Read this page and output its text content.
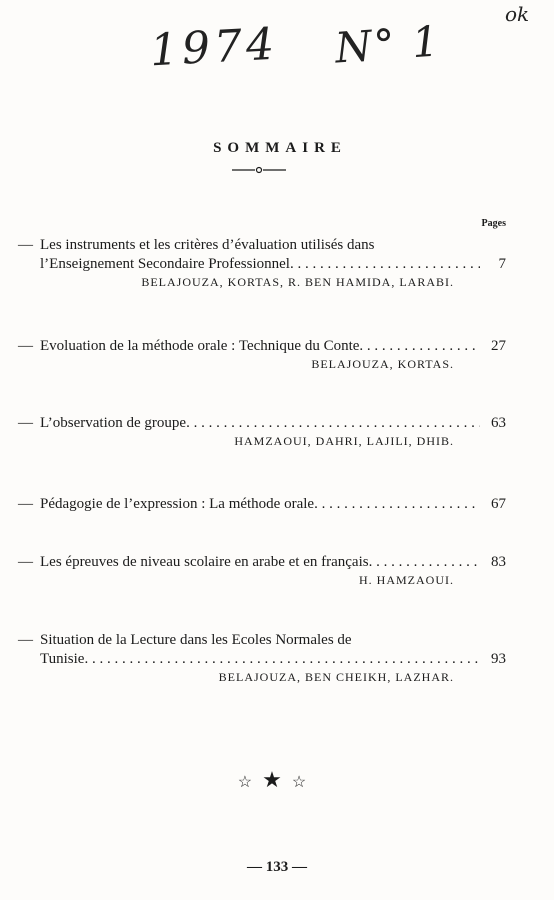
1974 N° 1
ok
SOMMAIRE
Pages
— Les instruments et les critères d’évaluation utilisés dans
l’Enseignement Secondaire Professionnel . . .	7
BELAJOUZA, KORTAS, R. BEN HAMIDA, LARABI.
— Evoluation de la méthode orale : Technique du Conte . . .	27
BELAJOUZA, KORTAS.
— L’observation de groupe . . .	63
HAMZAOUI, DAHRI, LAJILI, DHIB.
— Pédagogie de l’expression : La méthode orale . . .	67
— Les épreuves de niveau scolaire en arabe et en français . . .	83
H. HAMZAOUI.
— Situation de la Lecture dans les Ecoles Normales de
Tunisie . . .	93
BELAJOUZA, BEN CHEIKH, LAZHAR.
☆★☆
— 133 —
